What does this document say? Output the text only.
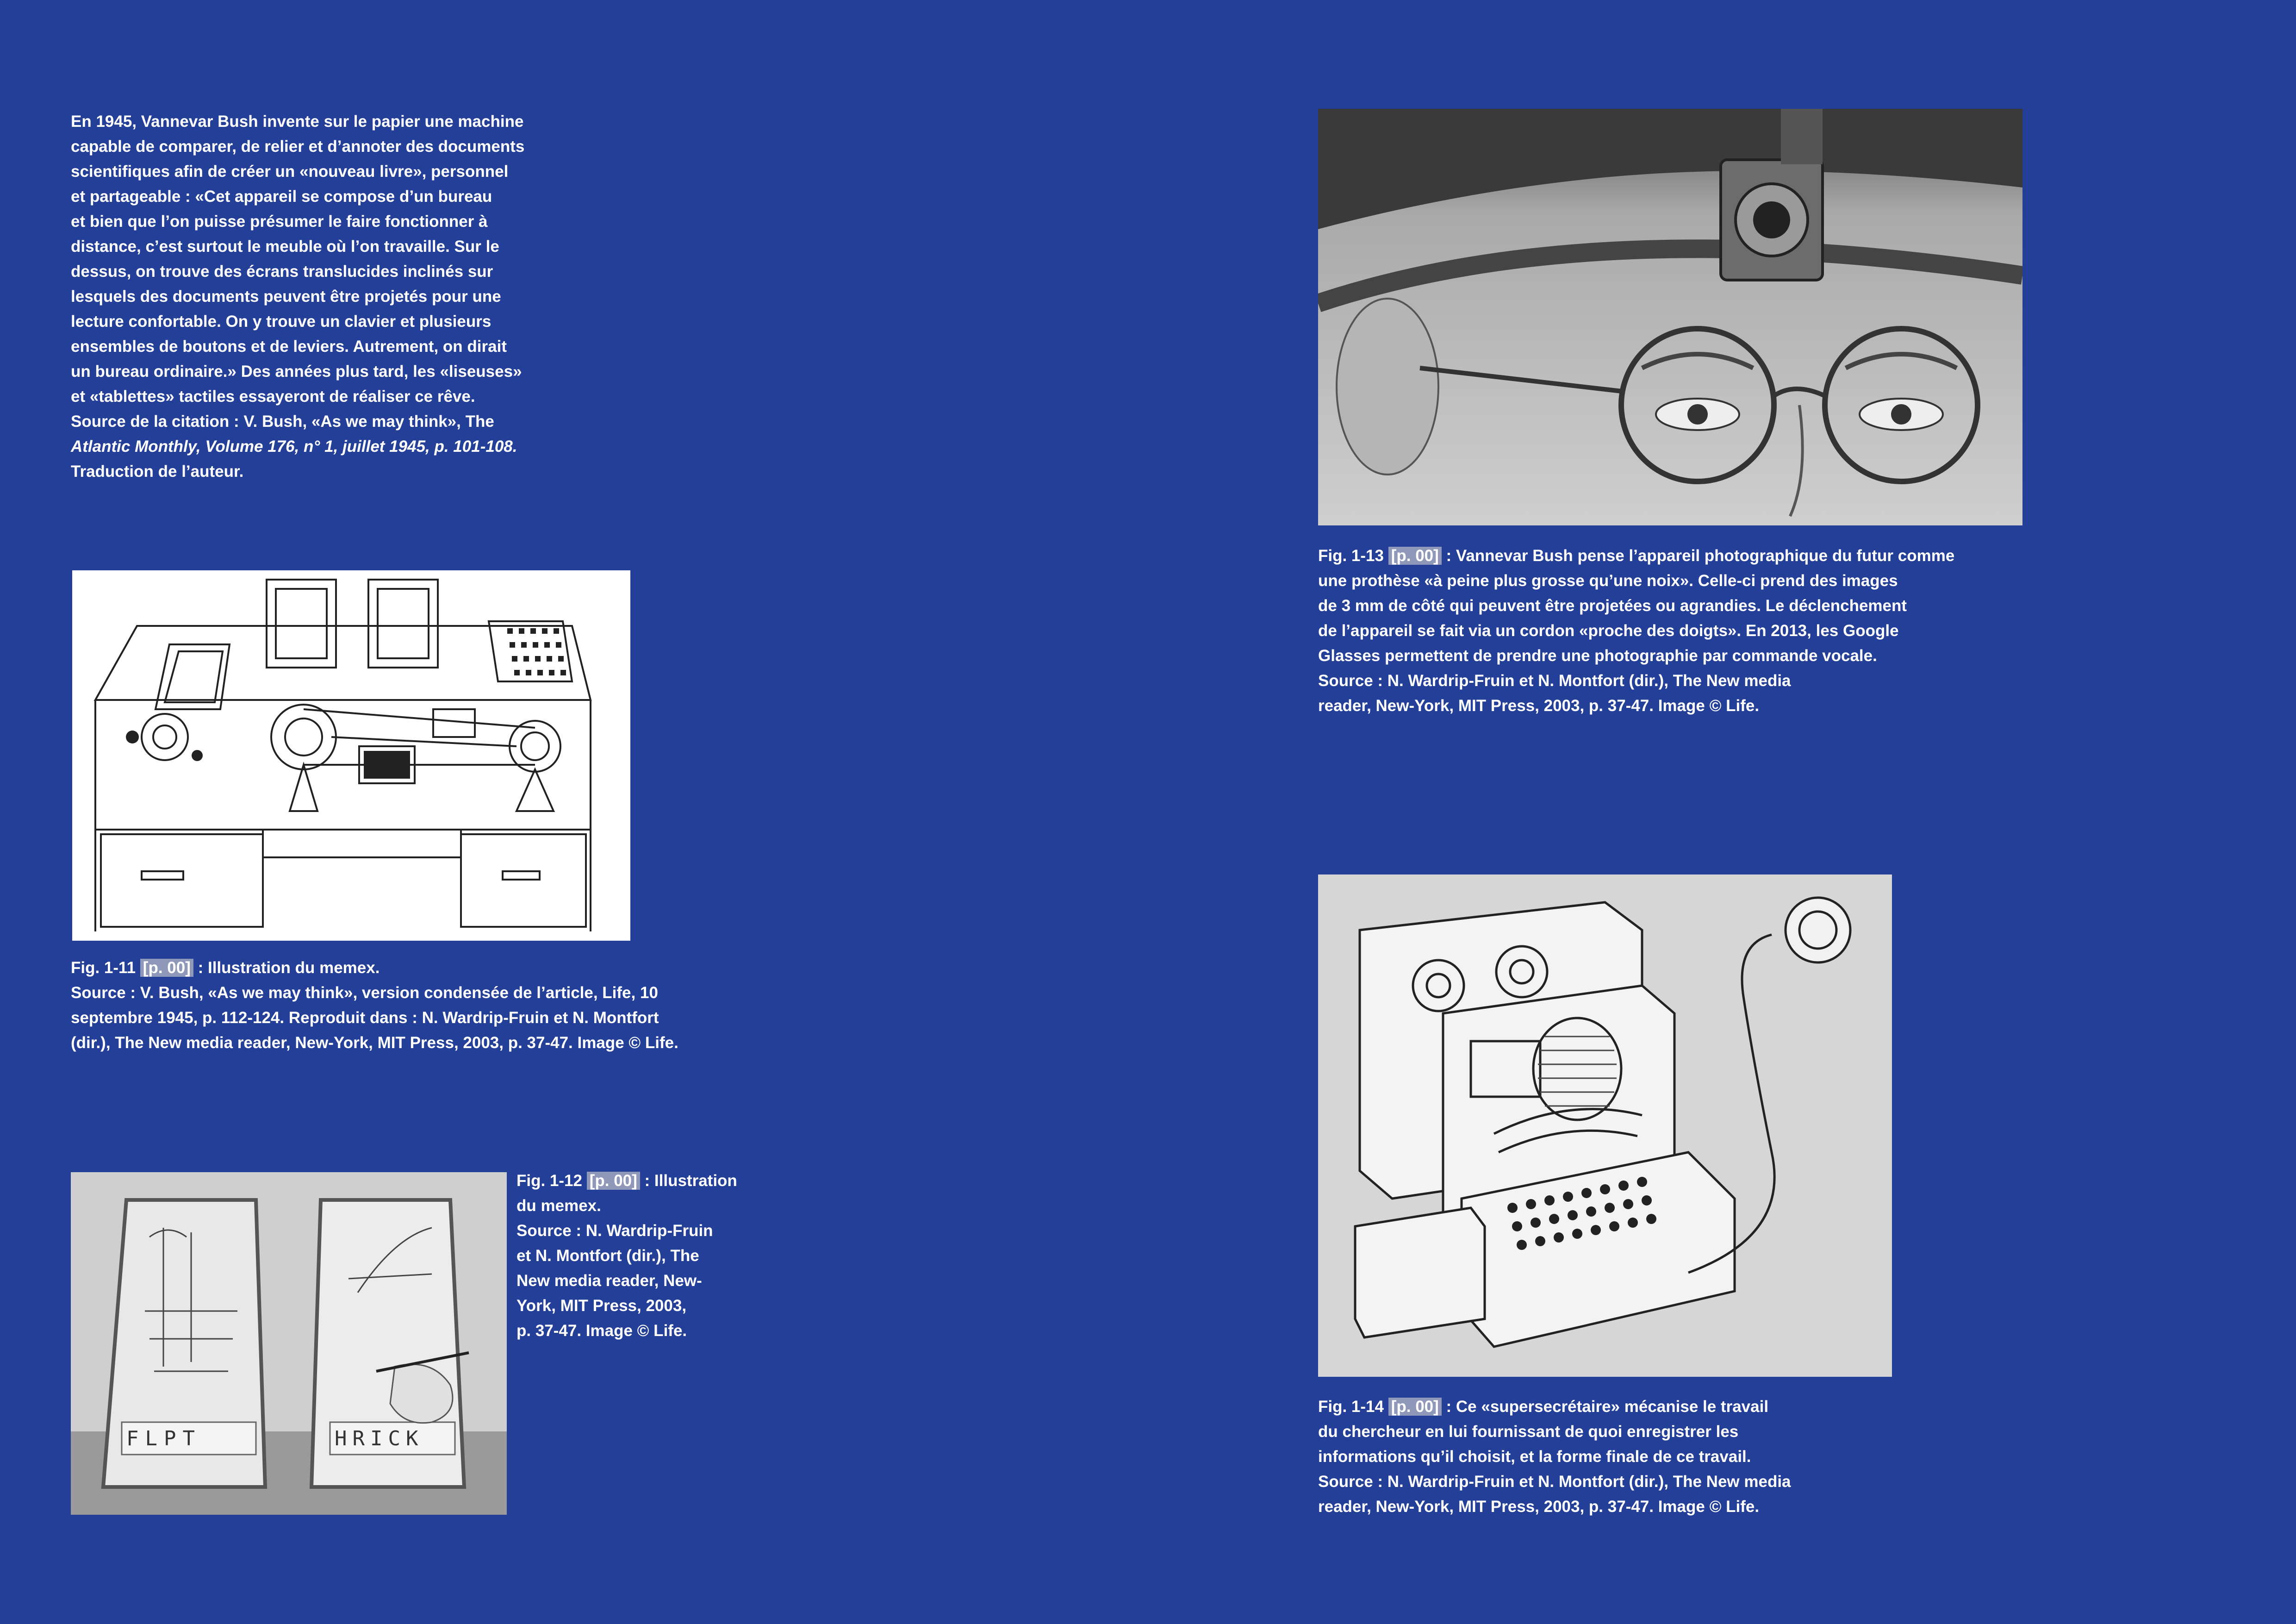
En 1945, Vannevar Bush invente sur le papier une machine
capable de comparer, de relier et d’annoter des documents
scientifiques afin de créer un «nouveau livre», personnel
et partageable : «Cet appareil se compose d’un bureau
et bien que l’on puisse présumer le faire fonctionner à
distance, c’est surtout le meuble où l’on travaille. Sur le
dessus, on trouve des écrans translucides inclinés sur
lesquels des documents peuvent être projetés pour une
lecture confortable. On y trouve un clavier et plusieurs
ensembles de boutons et de leviers. Autrement, on dirait
un bureau ordinaire.» Des années plus tard, les «liseuses»
et «tablettes» tactiles essayeront de réaliser ce rêve.
Source de la citation : V. Bush, «As we may think», The
Atlantic Monthly, Volume 176, n° 1, juillet 1945, p. 101-108.
Traduction de l’auteur.
Fig. 1-11 [p. 00] : Illustration du memex.
Source : V. Bush, «As we may think», version condensée de l’article, Life, 10
septembre 1945, p. 112-124. Reproduit dans : N. Wardrip-Fruin et N. Montfort
(dir.), The New media reader, New-York, MIT Press, 2003, p. 37-47. Image © Life.
FLPT	HRICK
Fig. 1-12 [p. 00] : Illustration
du memex.
Source : N. Wardrip-Fruin
et N. Montfort (dir.), The
New media reader, New-
York, MIT Press, 2003,
p. 37-47. Image © Life.
Fig. 1-13 [p. 00] : Vannevar Bush pense l’appareil photographique du futur comme
une prothèse «à peine plus grosse qu’une noix». Celle-ci prend des images
de 3 mm de côté qui peuvent être projetées ou agrandies. Le déclenchement
de l’appareil se fait via un cordon «proche des doigts». En 2013, les Google
Glasses permettent de prendre une photographie par commande vocale.
Source : N. Wardrip-Fruin et N. Montfort (dir.), The New media
reader, New-York, MIT Press, 2003, p. 37-47. Image © Life.
Fig. 1-14 [p. 00] : Ce «supersecrétaire» mécanise le travail
du chercheur en lui fournissant de quoi enregistrer les
informations qu’il choisit, et la forme finale de ce travail.
Source : N. Wardrip-Fruin et N. Montfort (dir.), The New media
reader, New-York, MIT Press, 2003, p. 37-47. Image © Life.
